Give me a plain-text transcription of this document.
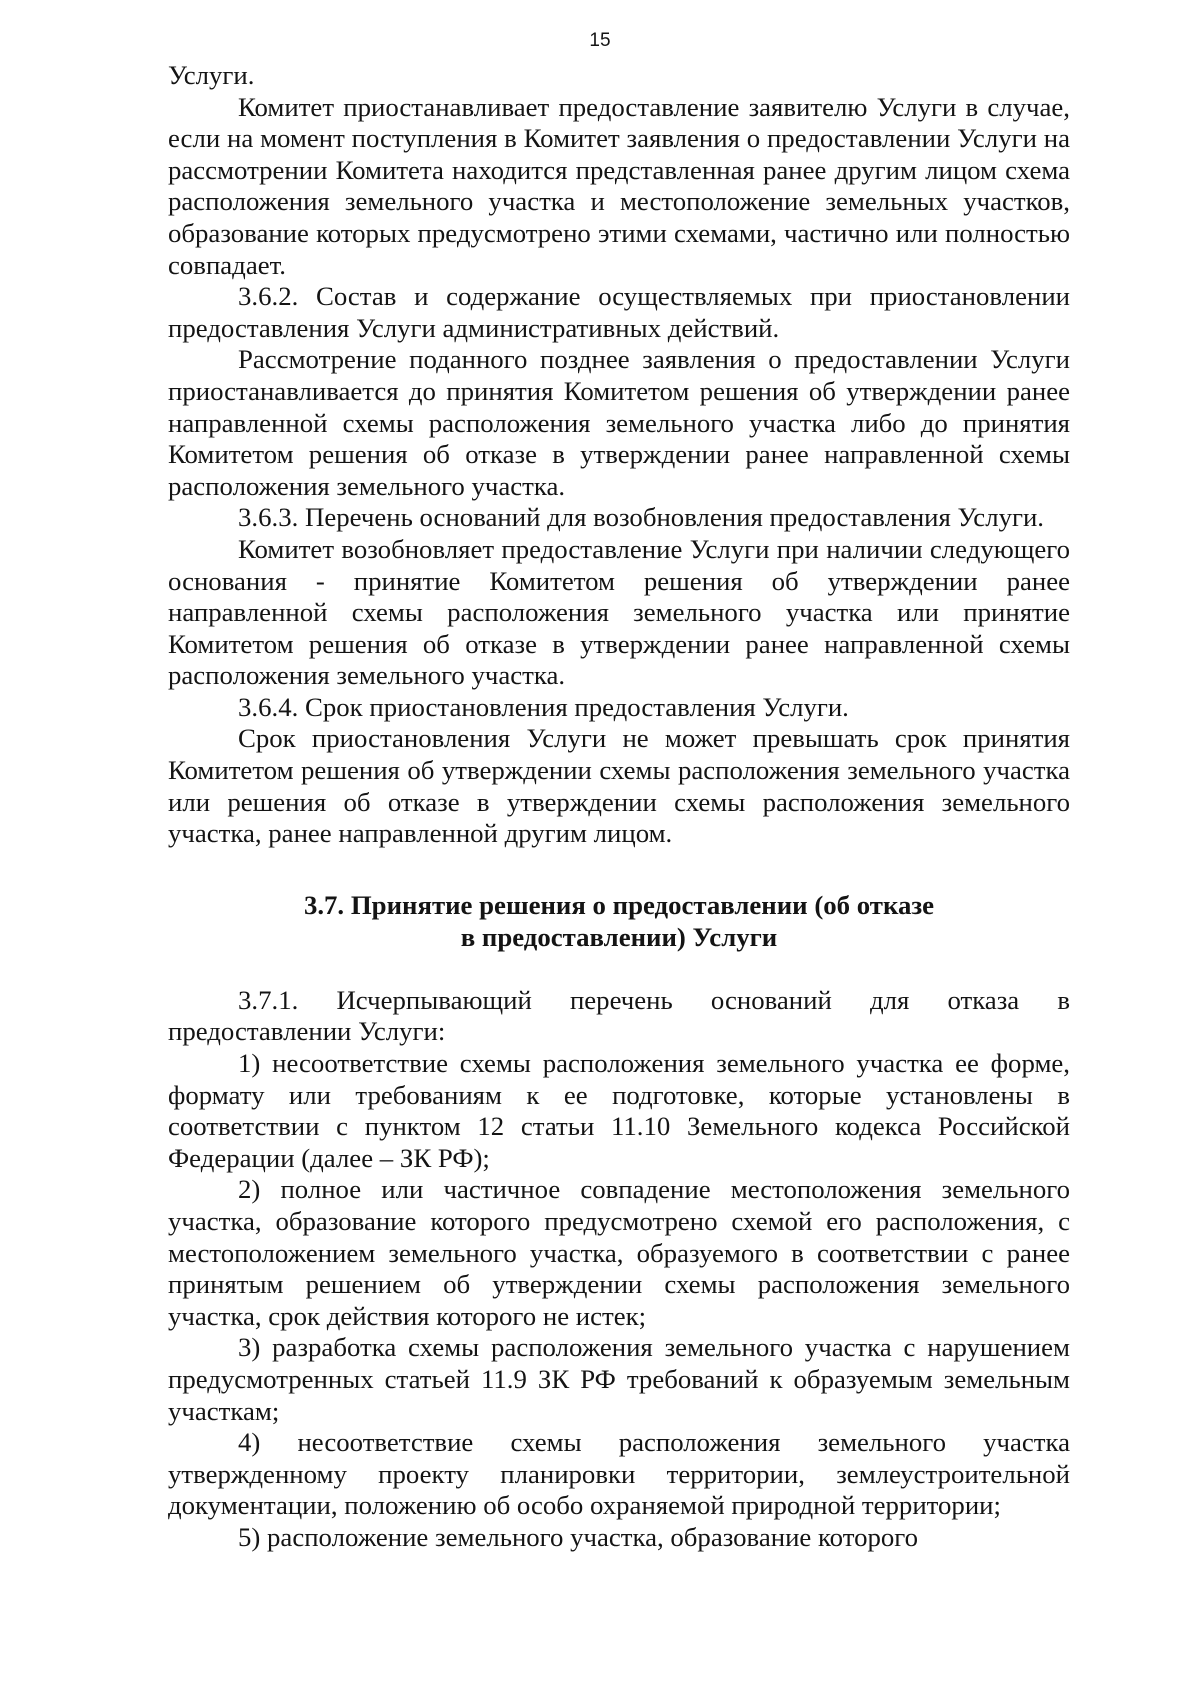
15

Услуги.

Комитет приостанавливает предоставление заявителю Услуги в случае, если на момент поступления в Комитет заявления о предоставлении Услуги на рассмотрении Комитета находится представленная ранее другим лицом схема расположения земельного участка и местоположение земельных участков, образование которых предусмотрено этими схемами, частично или полностью совпадает.

3.6.2. Состав и содержание осуществляемых при приостановлении предоставления Услуги административных действий.

Рассмотрение поданного позднее заявления о предоставлении Услуги приостанавливается до принятия Комитетом решения об утверждении ранее направленной схемы расположения земельного участка либо до принятия Комитетом решения об отказе в утверждении ранее направленной схемы расположения земельного участка.

3.6.3. Перечень оснований для возобновления предоставления Услуги.

Комитет возобновляет предоставление Услуги при наличии следующего основания - принятие Комитетом решения об утверждении ранее направленной схемы расположения земельного участка или принятие Комитетом решения об отказе в утверждении ранее направленной схемы расположения земельного участка.

3.6.4. Срок приостановления предоставления Услуги.

Срок приостановления Услуги не может превышать срок принятия Комитетом решения об утверждении схемы расположения земельного участка или решения об отказе в утверждении схемы расположения земельного участка, ранее направленной другим лицом.

3.7. Принятие решения о предоставлении (об отказе
в предоставлении) Услуги

3.7.1. Исчерпывающий перечень оснований для отказа в предоставлении Услуги:

1) несоответствие схемы расположения земельного участка ее форме, формату или требованиям к ее подготовке, которые установлены в соответствии с пунктом 12 статьи 11.10 Земельного кодекса Российской Федерации (далее – ЗК РФ);

2) полное или частичное совпадение местоположения земельного участка, образование которого предусмотрено схемой его расположения, с местоположением земельного участка, образуемого в соответствии с ранее принятым решением об утверждении схемы расположения земельного участка, срок действия которого не истек;

3) разработка схемы расположения земельного участка с нарушением предусмотренных статьей 11.9 ЗК РФ требований к образуемым земельным участкам;

4) несоответствие схемы расположения земельного участка утвержденному проекту планировки территории, землеустроительной документации, положению об особо охраняемой природной территории;

5) расположение земельного участка, образование которого
